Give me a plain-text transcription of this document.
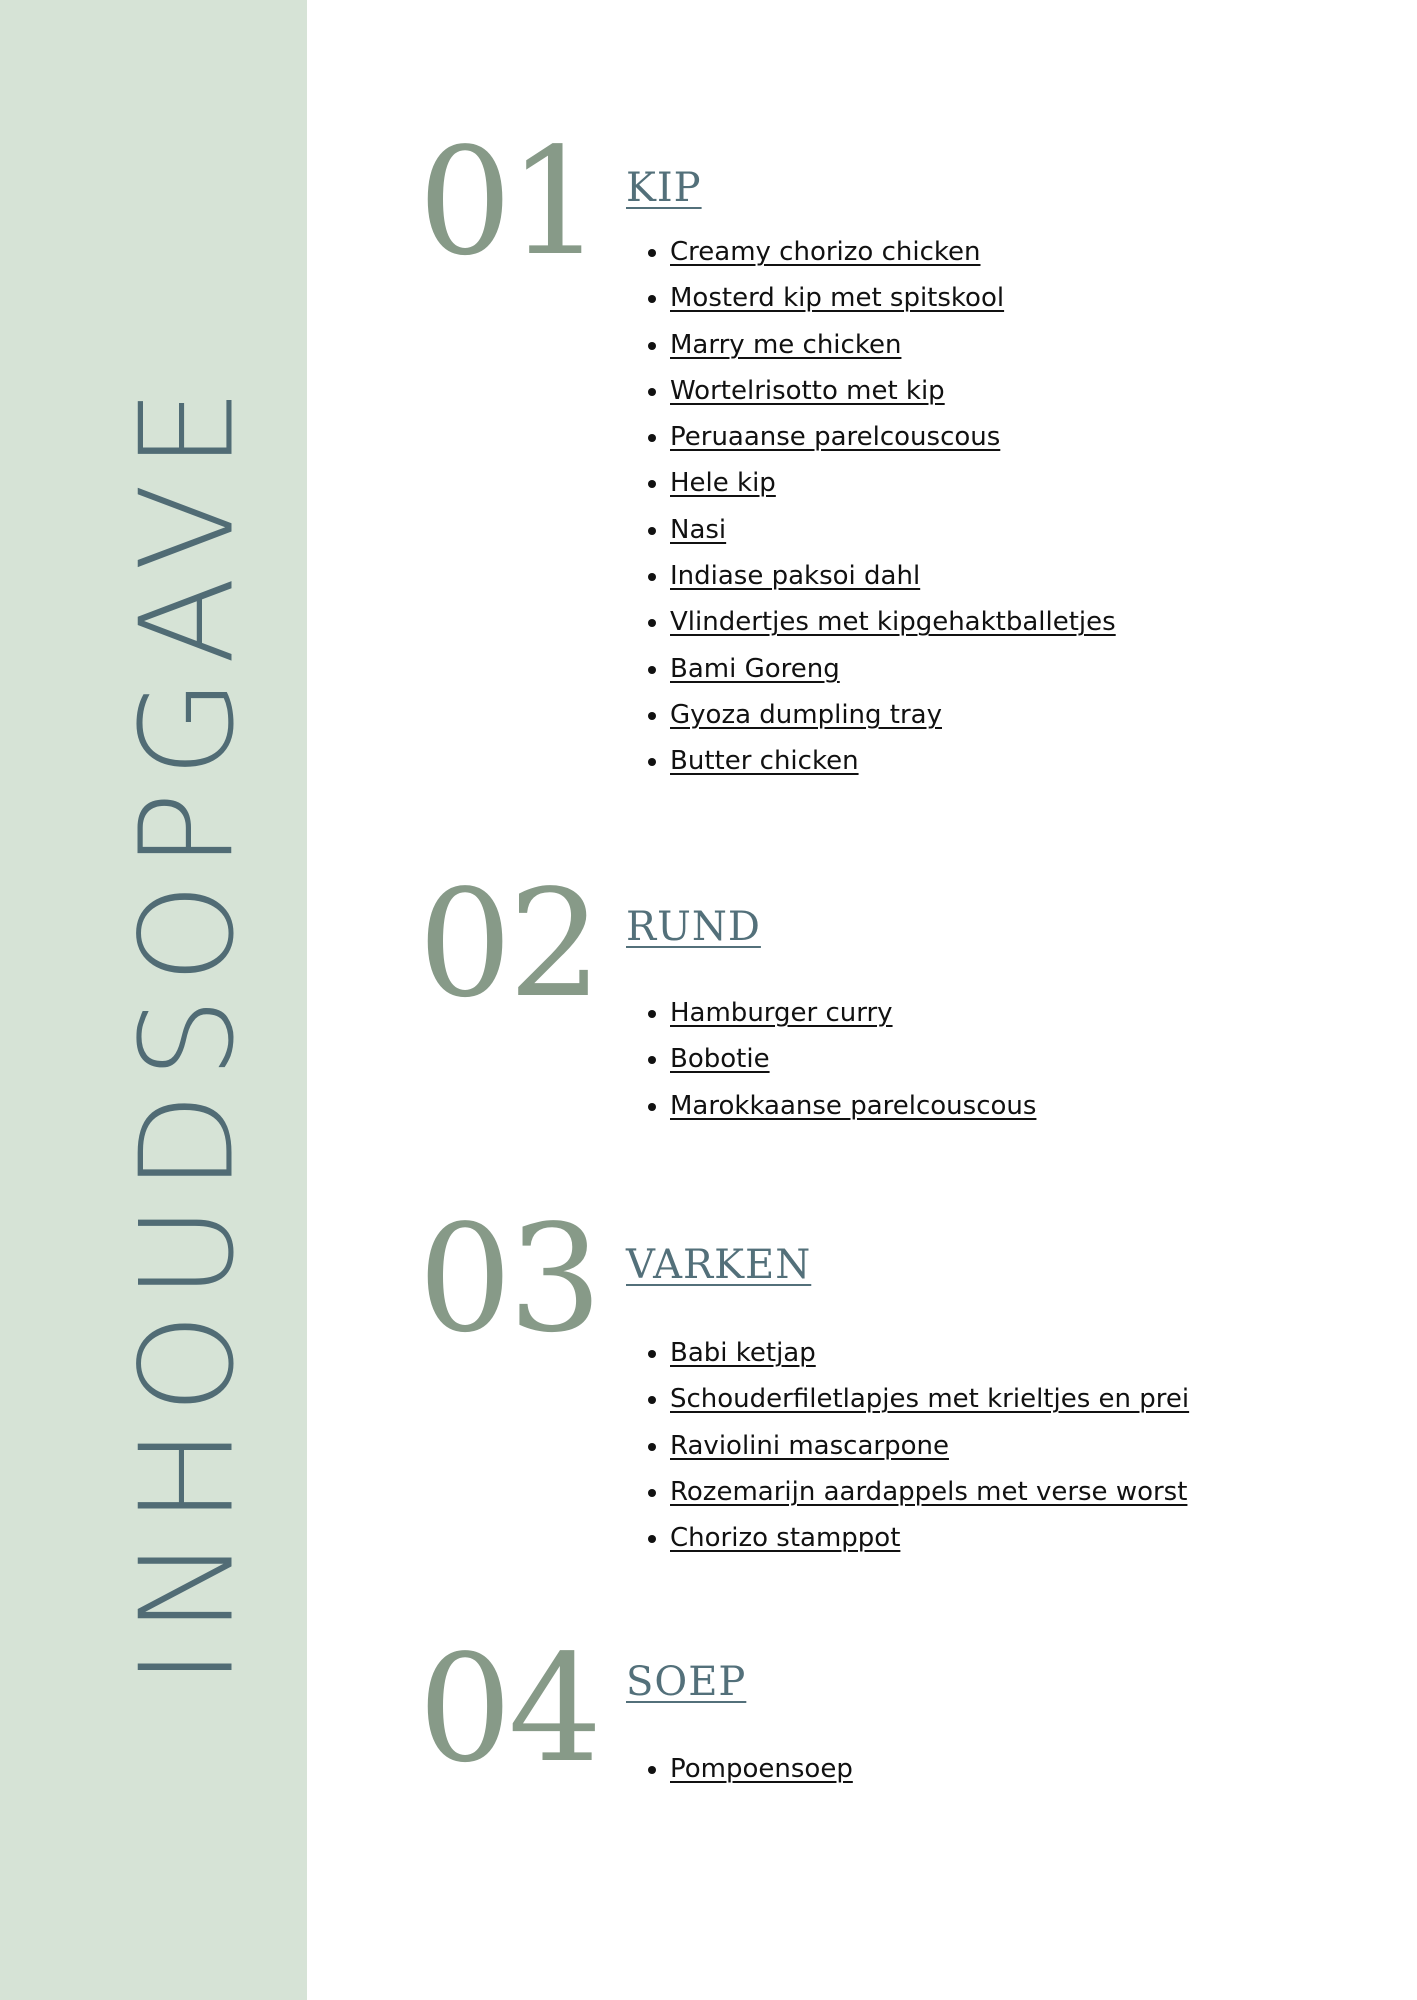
INHOUDSOPGAVE
01 KIP
• Creamy chorizo chicken
• Mosterd kip met spitskool
• Marry me chicken
• Wortelrisotto met kip
• Peruaanse parelcouscous
• Hele kip
• Nasi
• Indiase paksoi dahl
• Vlindertjes met kipgehaktballetjes
• Bami Goreng
• Gyoza dumpling tray
• Butter chicken
02 RUND
• Hamburger curry
• Bobotie
• Marokkaanse parelcouscous
03 VARKEN
• Babi ketjap
• Schouderfiletlapjes met krieltjes en prei
• Raviolini mascarpone
• Rozemarijn aardappels met verse worst
• Chorizo stamppot
04 SOEP
• Pompoensoep
